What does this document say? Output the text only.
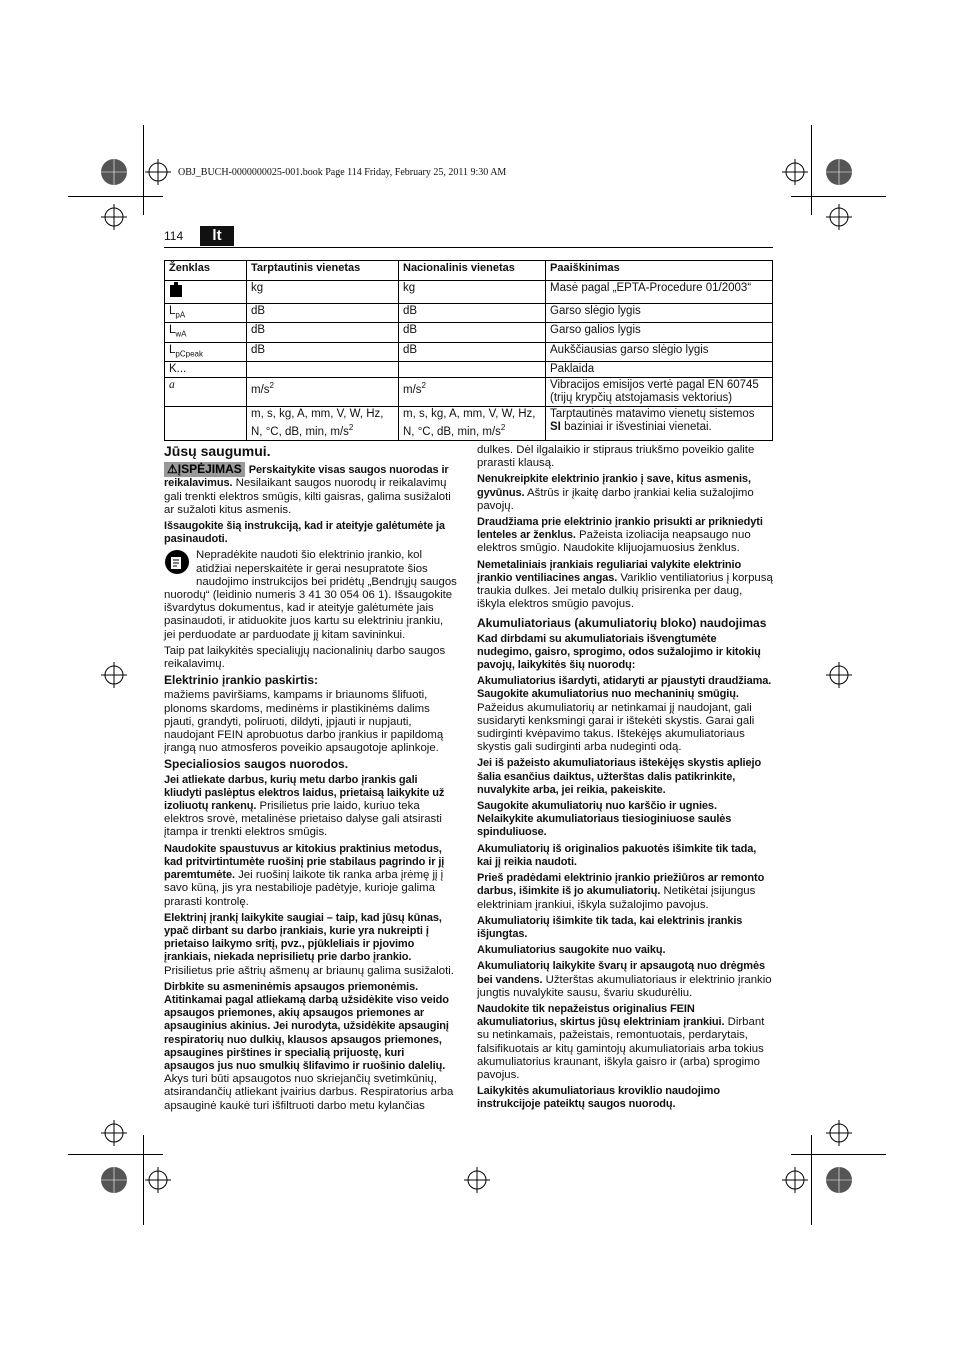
OBJ_BUCH-0000000025-001.book Page 114 Friday, February 25, 2011 9:30 AM
114	lt
Ženklas	Tarptautinis vienetas	Nacionalinis vienetas	Paaiškinimas
	kg	kg	Masė pagal „EPTA-Procedure 01/2003“
$L_{pA}$	dB	dB	Garso slėgio lygis
$L_{wA}$	dB	dB	Garso galios lygis
$L_{pCpeak}$	dB	dB	Aukščiausias garso slėgio lygis
K...			Paklaida
a	$m/s^2$	$m/s^2$	Vibracijos emisijos vertė pagal EN 60745 (trijų krypčių atstojamasis vektorius)
	m, s, kg, A, mm, V, W, Hz, N, °C, dB, min, $m/s^2$	m, s, kg, A, mm, V, W, Hz, N, °C, dB, min, $m/s^2$	Tarptautinės matavimo vienetų sistemos SI baziniai ir išvestiniai vienetai.
Jūsų saugumui.

⚠ĮSPĖJIMAS Perskaitykite visas saugos nuorodas ir reikalavimus. Nesilaikant saugos nuorodų ir reikalavimų gali trenkti elektros smūgis, kilti gaisras, galima susižaloti ar sužaloti kitus asmenis.

Išsaugokite šią instrukciją, kad ir ateityje galėtumėte ja pasinaudoti.

Nepradėkite naudoti šio elektrinio įrankio, kol atidžiai neperskaitėte ir gerai nesupratote šios naudojimo instrukcijos bei pridėtų „Bendrųjų saugos nuorodų“ (leidinio numeris 3 41 30 054 06 1). Išsaugokite išvardytus dokumentus, kad ir ateityje galėtumėte jais pasinaudoti, ir atiduokite juos kartu su elektriniu įrankiu, jei perduodate ar parduodate jį kitam savininkui.

Taip pat laikykitės specialiųjų nacionalinių darbo saugos reikalavimų.

Elektrinio įrankio paskirtis:

mažiems paviršiams, kampams ir briaunoms šlifuoti, plonoms skardoms, medinėms ir plastikinėms dalims pjauti, grandyti, poliruoti, dildyti, įpjauti ir nupjauti, naudojant FEIN aprobuotus darbo įrankius ir papildomą įrangą nuo atmosferos poveikio apsaugotoje aplinkoje.

Specialiosios saugos nuorodos.

Jei atliekate darbus, kurių metu darbo įrankis gali kliudyti paslėptus elektros laidus, prietaisą laikykite už izoliuotų rankenų. Prisilietus prie laido, kuriuo teka elektros srovė, metalinėse prietaiso dalyse gali atsirasti įtampa ir trenkti elektros smūgis.

Naudokite spaustuvus ar kitokius praktinius metodus, kad pritvirtintumėte ruošinį prie stabilaus pagrindo ir jį paremtumėte. Jei ruošinį laikote tik ranka arba įrėmę jį į savo kūną, jis yra nestabilioje padėtyje, kurioje galima prarasti kontrolę.

Elektrinį įrankį laikykite saugiai – taip, kad jūsų kūnas, ypač dirbant su darbo įrankiais, kurie yra nukreipti į prietaiso laikymo sritį, pvz., pjūkleliais ir pjovimo įrankiais, niekada neprisilietų prie darbo įrankio. Prisilietus prie aštrių ašmenų ar briaunų galima susižaloti.

Dirbkite su asmeninėmis apsaugos priemonėmis. Atitinkamai pagal atliekamą darbą užsidėkite viso veido apsaugos priemones, akių apsaugos priemones ar apsauginius akinius. Jei nurodyta, užsidėkite apsauginį respiratorių nuo dulkių, klausos apsaugos priemones, apsaugines pirštines ir specialią prijuostę, kuri apsaugos jus nuo smulkių šlifavimo ir ruošinio dalelių. Akys turi būti apsaugotos nuo skriejančių svetimkūnių, atsirandančių atliekant įvairius darbus. Respiratorius arba apsauginė kaukė turi išfiltruoti darbo metu kylančias

dulkes. Dėl ilgalaikio ir stipraus triukšmo poveikio galite prarasti klausą.

Nenukreipkite elektrinio įrankio į save, kitus asmenis, gyvūnus. Aštrūs ir įkaitę darbo įrankiai kelia sužalojimo pavojų.

Draudžiama prie elektrinio įrankio prisukti ar prikniedyti lenteles ar ženklus. Pažeista izoliacija neapsaugo nuo elektros smūgio. Naudokite klijuojamuosius ženklus.

Nemetaliniais įrankiais reguliariai valykite elektrinio įrankio ventiliacines angas. Variklio ventiliatorius į korpusą traukia dulkes. Jei metalo dulkių prisirenka per daug, iškyla elektros smūgio pavojus.

Akumuliatoriaus (akumuliatorių bloko) naudojimas

Kad dirbdami su akumuliatoriais išvengtumėte nudegimo, gaisro, sprogimo, odos sužalojimo ir kitokių pavojų, laikykitės šių nuorodų:

Akumuliatorius išardyti, atidaryti ar pjaustyti draudžiama. Saugokite akumuliatorius nuo mechaninių smūgių. Pažeidus akumuliatorių ar netinkamai jį naudojant, gali susidaryti kenksmingi garai ir ištekėti skystis. Garai gali sudirginti kvėpavimo takus. Ištekėjęs akumuliatoriaus skystis gali sudirginti arba nudeginti odą.

Jei iš pažeisto akumuliatoriaus ištekėjęs skystis apliejo šalia esančius daiktus, užterštas dalis patikrinkite, nuvalykite arba, jei reikia, pakeiskite.

Saugokite akumuliatorių nuo karščio ir ugnies. Nelaikykite akumuliatoriaus tiesioginiuose saulės spinduliuose.

Akumuliatorių iš originalios pakuotės išimkite tik tada, kai jį reikia naudoti.

Prieš pradėdami elektrinio įrankio priežiūros ar remonto darbus, išimkite iš jo akumuliatorių. Netikėtai įsijungus elektriniam įrankiui, iškyla sužalojimo pavojus.

Akumuliatorių išimkite tik tada, kai elektrinis įrankis išjungtas.

Akumuliatorius saugokite nuo vaikų.

Akumuliatorių laikykite švarų ir apsaugotą nuo drėgmės bei vandens. Užterštas akumuliatoriaus ir elektrinio įrankio jungtis nuvalykite sausu, švariu skudurėliu.

Naudokite tik nepažeistus originalius FEIN akumuliatorius, skirtus jūsų elektriniam įrankiui. Dirbant su netinkamais, pažeistais, remontuotais, perdarytais, falsifikuotais ar kitų gamintojų akumuliatoriais arba tokius akumuliatorius kraunant, iškyla gaisro ir (arba) sprogimo pavojus.

Laikykitės akumuliatoriaus kroviklio naudojimo instrukcijoje pateiktų saugos nuorodų.
